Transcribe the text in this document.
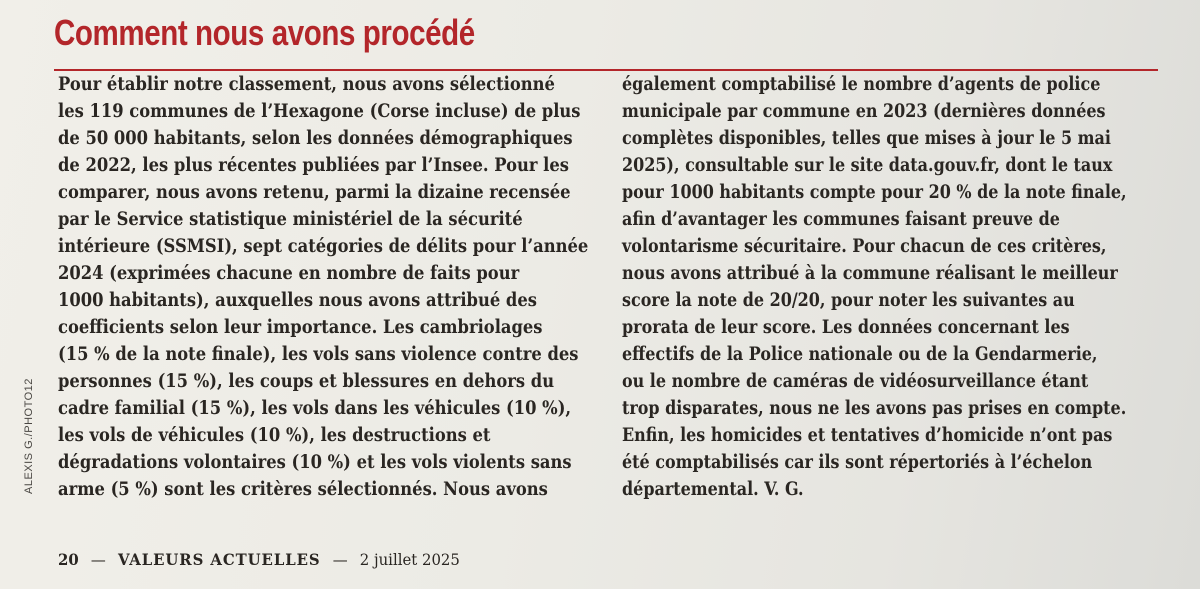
Comment nous avons procédé
Pour établir notre classement, nous avons sélectionné
les 119 communes de l’Hexagone (Corse incluse) de plus
de 50 000 habitants, selon les données démographiques
de 2022, les plus récentes publiées par l’Insee. Pour les
comparer, nous avons retenu, parmi la dizaine recensée
par le Service statistique ministériel de la sécurité
intérieure (SSMSI), sept catégories de délits pour l’année
2024 (exprimées chacune en nombre de faits pour
1000 habitants), auxquelles nous avons attribué des
coefficients selon leur importance. Les cambriolages
(15 % de la note finale), les vols sans violence contre des
personnes (15 %), les coups et blessures en dehors du
cadre familial (15 %), les vols dans les véhicules (10 %),
les vols de véhicules (10 %), les destructions et
dégradations volontaires (10 %) et les vols violents sans
arme (5 %) sont les critères sélectionnés. Nous avons
également comptabilisé le nombre d’agents de police
municipale par commune en 2023 (dernières données
complètes disponibles, telles que mises à jour le 5 mai
2025), consultable sur le site data.gouv.fr, dont le taux
pour 1000 habitants compte pour 20 % de la note finale,
afin d’avantager les communes faisant preuve de
volontarisme sécuritaire. Pour chacun de ces critères,
nous avons attribué à la commune réalisant le meilleur
score la note de 20/20, pour noter les suivantes au
prorata de leur score. Les données concernant les
effectifs de la Police nationale ou de la Gendarmerie,
ou le nombre de caméras de vidéosurveillance étant
trop disparates, nous ne les avons pas prises en compte.
Enfin, les homicides et tentatives d’homicide n’ont pas
été comptabilisés car ils sont répertoriés à l’échelon
départemental. V. G.
ALEXIS G./PHOTO12
20 — VALEURS ACTUELLES — 2 juillet 2025
